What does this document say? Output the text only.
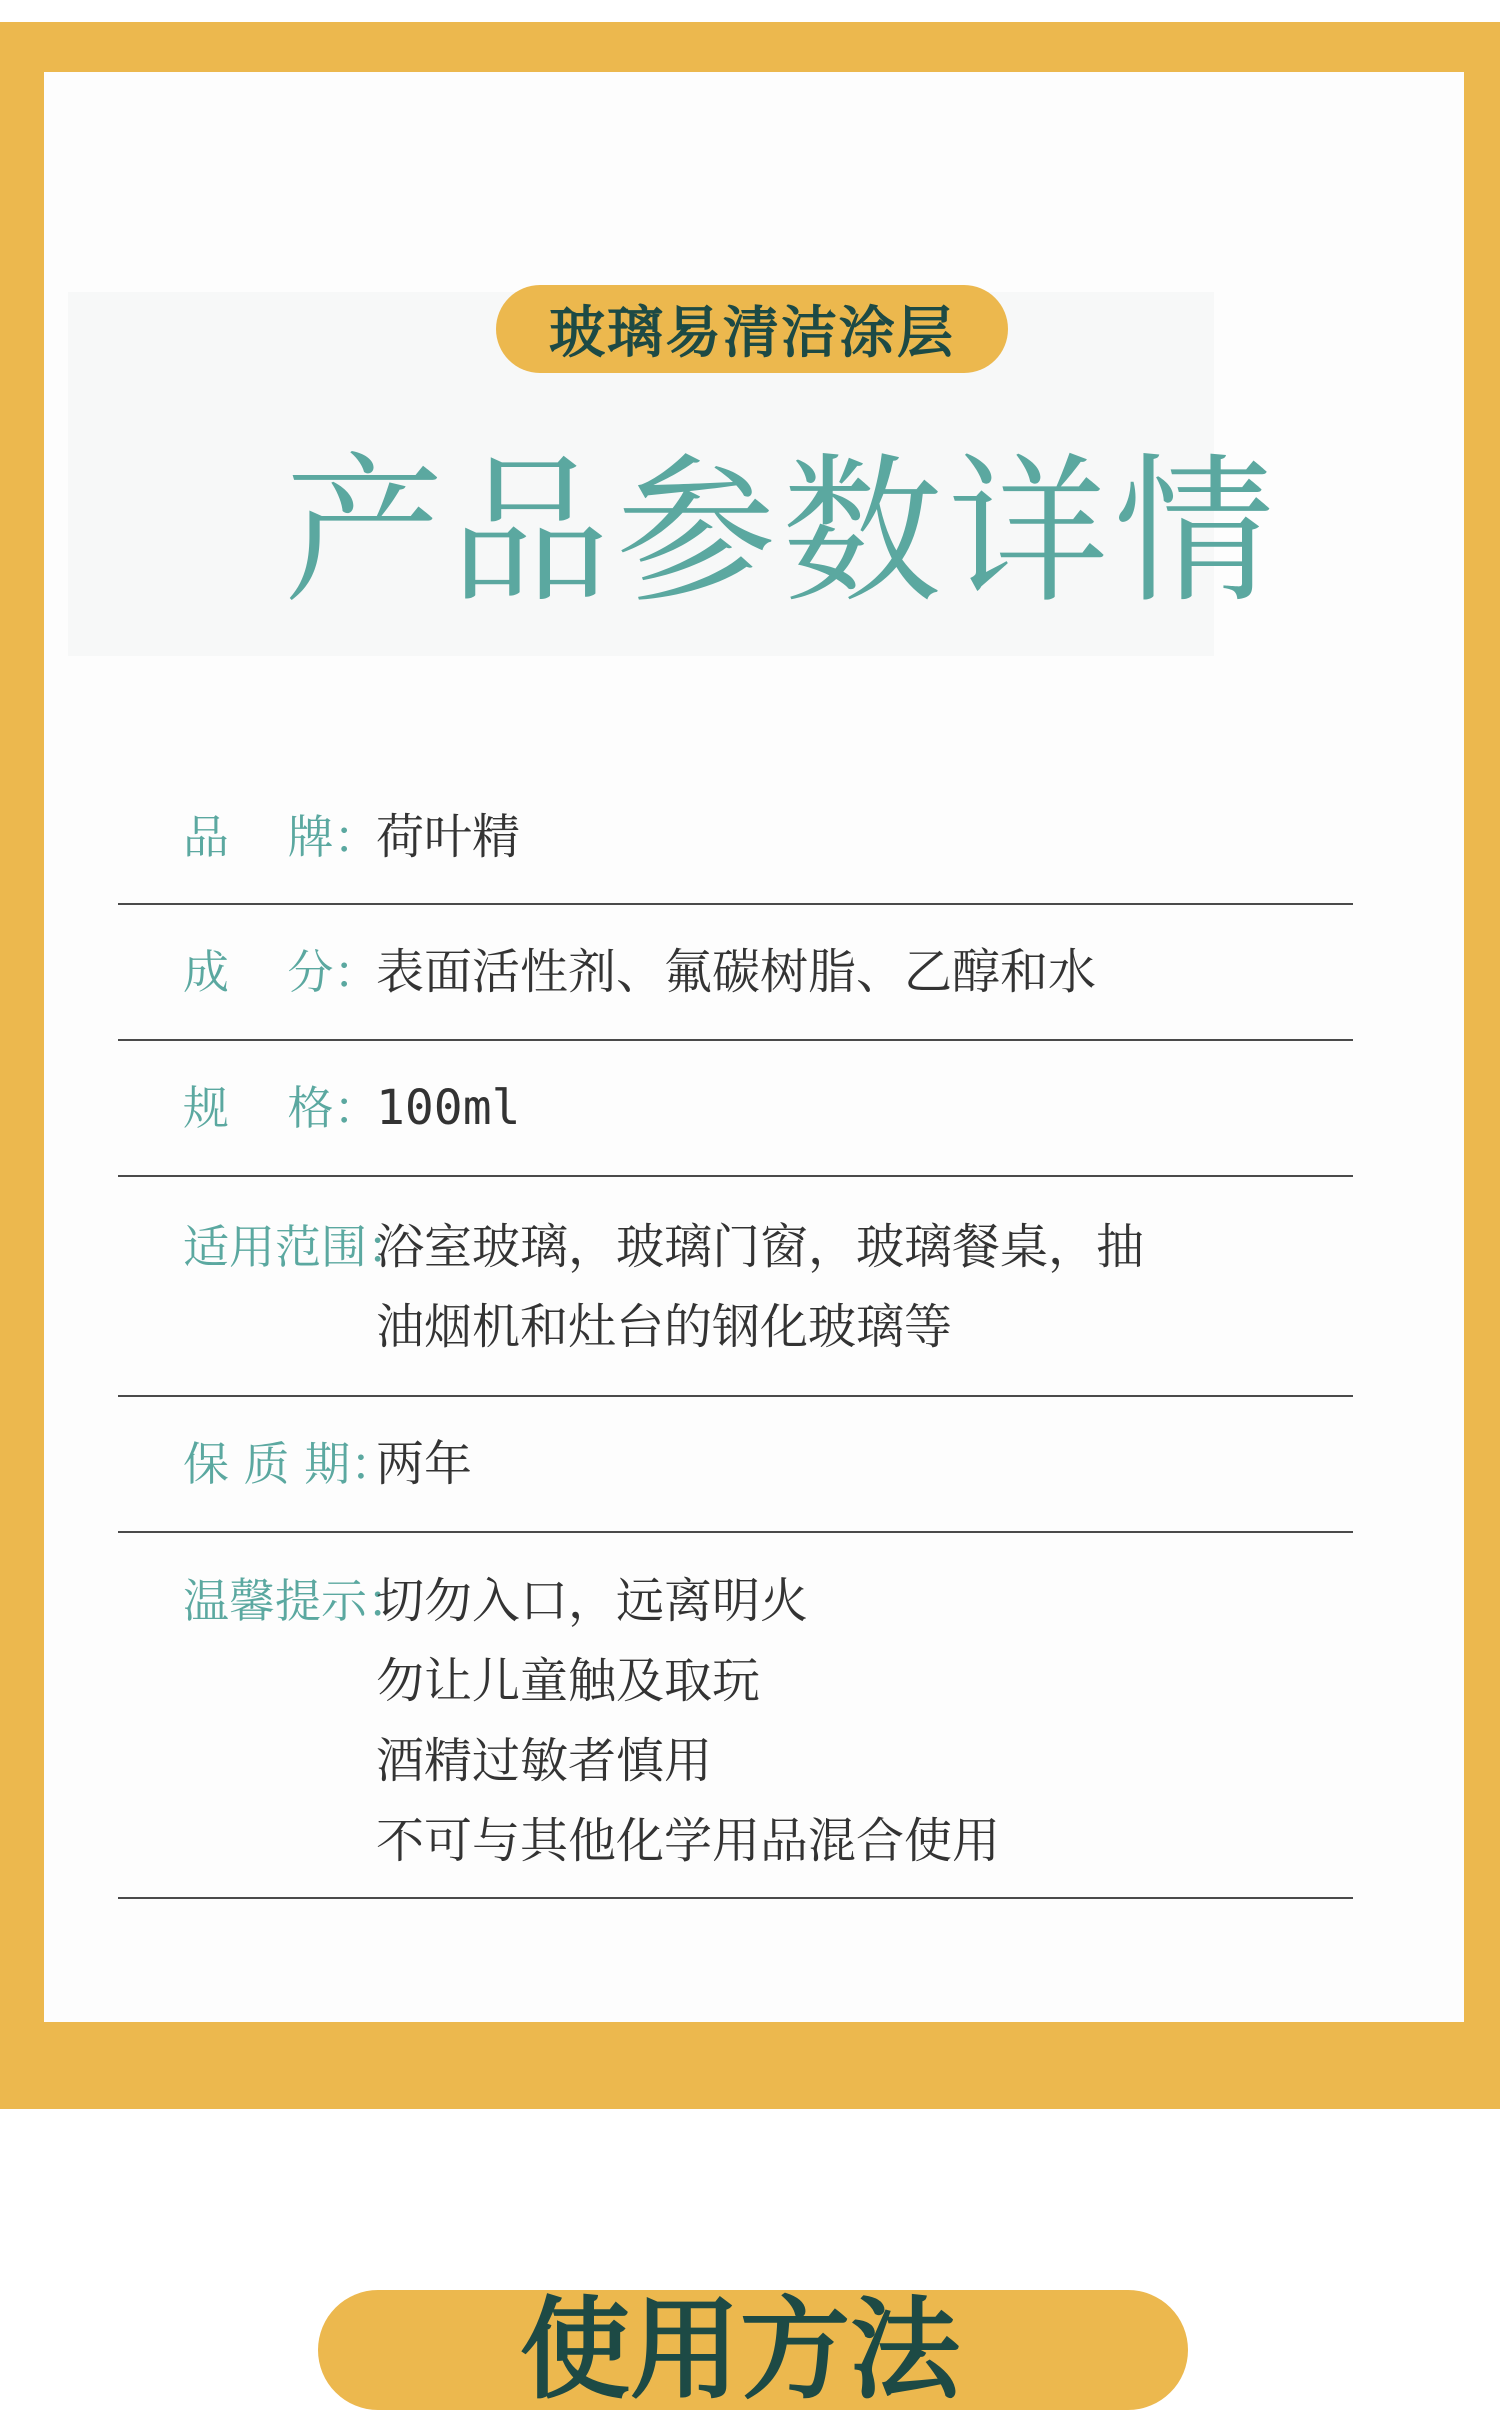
玻璃易清洁涂层
产品参数详情
品    牌：
荷叶精
成    分：
表面活性剂、氟碳树脂、乙醇和水
规    格：
100ml
适用范围：
浴室玻璃，玻璃门窗，玻璃餐桌，抽
油烟机和灶台的钢化玻璃等
保 质 期：
两年
温馨提示：
切勿入口，远离明火
勿让儿童触及取玩
酒精过敏者慎用
不可与其他化学用品混合使用
使用方法
